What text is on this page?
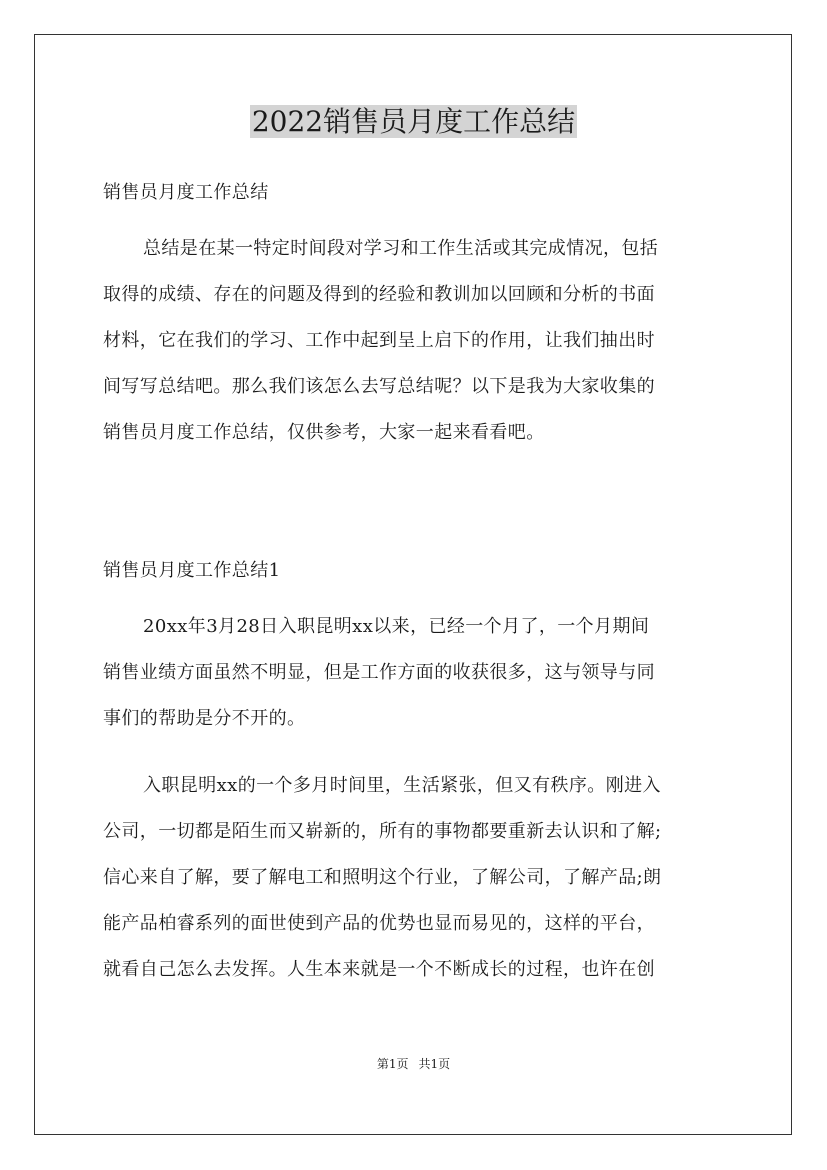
2022销售员月度工作总结
销售员月度工作总结
总结是在某一特定时间段对学习和工作生活或其完成情况，包括
取得的成绩、存在的问题及得到的经验和教训加以回顾和分析的书面
材料，它在我们的学习、工作中起到呈上启下的作用，让我们抽出时
间写写总结吧。那么我们该怎么去写总结呢？以下是我为大家收集的
销售员月度工作总结，仅供参考，大家一起来看看吧。
销售员月度工作总结1
20xx年3月28日入职昆明xx以来，已经一个月了，一个月期间
销售业绩方面虽然不明显，但是工作方面的收获很多，这与领导与同
事们的帮助是分不开的。
入职昆明xx的一个多月时间里，生活紧张，但又有秩序。刚进入
公司，一切都是陌生而又崭新的，所有的事物都要重新去认识和了解;
信心来自了解，要了解电工和照明这个行业，了解公司，了解产品;朗
能产品柏睿系列的面世使到产品的优势也显而易见的，这样的平台，
就看自己怎么去发挥。人生本来就是一个不断成长的过程，也许在创
第1页 共1页
